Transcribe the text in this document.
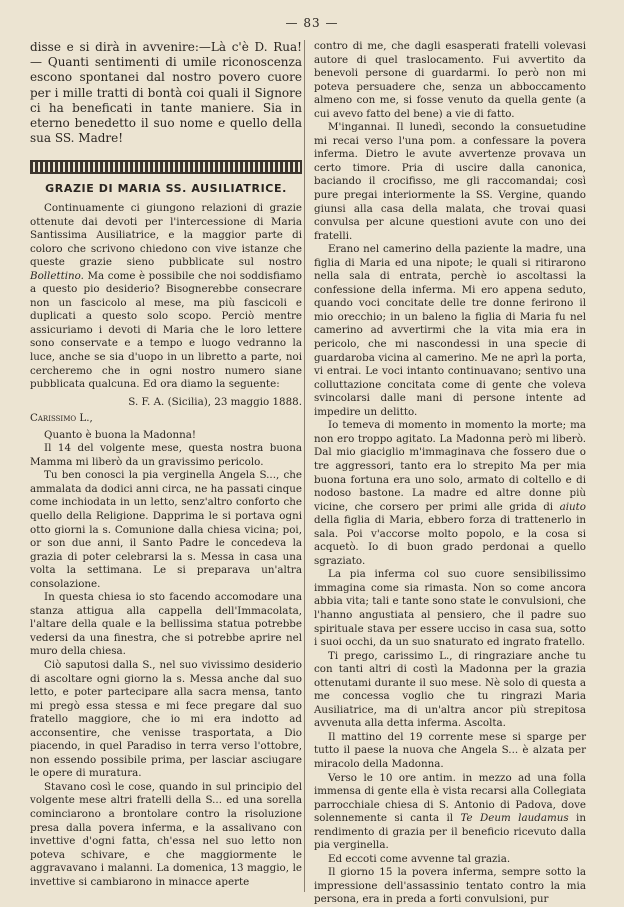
— 83 —

disse e si dirà in avvenire:—Là c'è D. Rua! — Quanti sentimenti di umile riconoscenza escono spontanei dal nostro povero cuore per i mille tratti di bontà coi quali il Signore ci ha beneficati in tante maniere. Sia in eterno benedetto il suo nome e quello della sua SS. Madre!

GRAZIE DI MARIA SS. AUSILIATRICE.

Continuamente ci giungono relazioni di grazie ottenute dai devoti per l'intercessione di Maria Santissima Ausiliatrice, e la maggior parte di coloro che scrivono chiedono con vive istanze che queste grazie sieno pubblicate sul nostro Bollettino. Ma come è possibile che noi soddisfiamo a questo pio desiderio? Bisognerebbe consecrare non un fascicolo al mese, ma più fascicoli e duplicati a questo solo scopo. Perciò mentre assicuriamo i devoti di Maria che le loro lettere sono conservate e a tempo e luogo vedranno la luce, anche se sia d'uopo in un libretto a parte, noi cercheremo che in ogni nostro numero siane pubblicata qualcuna. Ed ora diamo la seguente:

S. F. A. (Sicilia), 23 maggio 1888.

Carissimo L.,

Quanto è buona la Madonna!

Il 14 del volgente mese, questa nostra buona Mamma mi liberò da un gravissimo pericolo.

Tu ben conosci la pia verginella Angela S..., che ammalata da dodici anni circa, ne ha passati cinque come inchiodata in un letto, senz'altro conforto che quello della Religione. Dapprima le si portava ogni otto giorni la s. Comunione dalla chiesa vicina; poi, or son due anni, il Santo Padre le concedeva la grazia di poter celebrarsi la s. Messa in casa una volta la settimana. Le si preparava un'altra consolazione.

In questa chiesa io sto facendo accomodare una stanza attigua alla cappella dell'Immacolata, l'altare della quale e la bellissima statua potrebbe vedersi da una finestra, che si potrebbe aprire nel muro della chiesa.

Ciò saputosi dalla S., nel suo vivissimo desiderio di ascoltare ogni giorno la s. Messa anche dal suo letto, e poter partecipare alla sacra mensa, tanto mi pregò essa stessa e mi fece pregare dal suo fratello maggiore, che io mi era indotto ad acconsentire, che venisse trasportata, a Dio piacendo, in quel Paradiso in terra verso l'ottobre, non essendo possibile prima, per lasciar asciugare le opere di muratura.

Stavano così le cose, quando in sul principio del volgente mese altri fratelli della S... ed una sorella cominciarono a brontolare contro la risoluzione presa dalla povera inferma, e la assalivano con invettive d'ogni fatta, ch'essa nel suo letto non poteva schivare, e che maggiormente le aggravavano i malanni. La domenica, 13 maggio, le invettive si cambiarono in minacce aperte

contro di me, che dagli esasperati fratelli volevasi autore di quel traslocamento. Fui avvertito da benevoli persone di guardarmi. Io però non mi poteva persuadere che, senza un abboccamento almeno con me, si fosse venuto da quella gente (a cui avevo fatto del bene) a vie di fatto.

M'ingannai. Il lunedì, secondo la consuetudine mi recai verso l'una pom. a confessare la povera inferma. Dietro le avute avvertenze provava un certo timore. Pria di uscire dalla canonica, baciando il crocifisso, me gli raccomandai; così pure pregai interiormente la SS. Vergine, quando giunsi alla casa della malata, che trovai quasi convulsa per alcune questioni avute con uno dei fratelli.

Erano nel camerino della paziente la madre, una figlia di Maria ed una nipote; le quali si ritirarono nella sala di entrata, perchè io ascoltassi la confessione della inferma. Mi ero appena seduto, quando voci concitate delle tre donne ferirono il mio orecchio; in un baleno la figlia di Maria fu nel camerino ad avvertirmi che la vita mia era in pericolo, che mi nascondessi in una specie di guardaroba vicina al camerino. Me ne aprì la porta, vi entrai. Le voci intanto continuavano; sentivo una colluttazione concitata come di gente che voleva svincolarsi dalle mani di persone intente ad impedire un delitto.

Io temeva di momento in momento la morte; ma non ero troppo agitato. La Madonna però mi liberò. Dal mio giaciglio m'immaginava che fossero due o tre aggressori, tanto era lo strepito Ma per mia buona fortuna era uno solo, armato di coltello e di nodoso bastone. La madre ed altre donne più vicine, che corsero per primi alle grida di aiuto della figlia di Maria, ebbero forza di trattenerlo in sala. Poi v'accorse molto popolo, e la cosa si acquetò. Io di buon grado perdonai a quello sgraziato.

La pia inferma col suo cuore sensibilissimo immagina come sia rimasta. Non so come ancora abbia vita; tali e tante sono state le convulsioni, che l'hanno angustiata al pensiero, che il padre suo spirituale stava per essere ucciso in casa sua, sotto i suoi occhi, da un suo snaturato ed ingrato fratello.

Ti prego, carissimo L., di ringraziare anche tu con tanti altri di costì la Madonna per la grazia ottenutami durante il suo mese. Nè solo di questa a me concessa voglio che tu ringrazi Maria Ausiliatrice, ma di un'altra ancor più strepitosa avvenuta alla detta inferma. Ascolta.

Il mattino del 19 corrente mese si sparge per tutto il paese la nuova che Angela S... è alzata per miracolo della Madonna.

Verso le 10 ore antim. in mezzo ad una folla immensa di gente ella è vista recarsi alla Collegiata parrocchiale chiesa di S. Antonio di Padova, dove solennemente si canta il Te Deum laudamus in rendimento di grazia per il beneficio ricevuto dalla pia verginella.

Ed eccoti come avvenne tal grazia.

Il giorno 15 la povera inferma, sempre sotto la impressione dell'assassinio tentato contro la mia persona, era in preda a forti convulsioni, pur
